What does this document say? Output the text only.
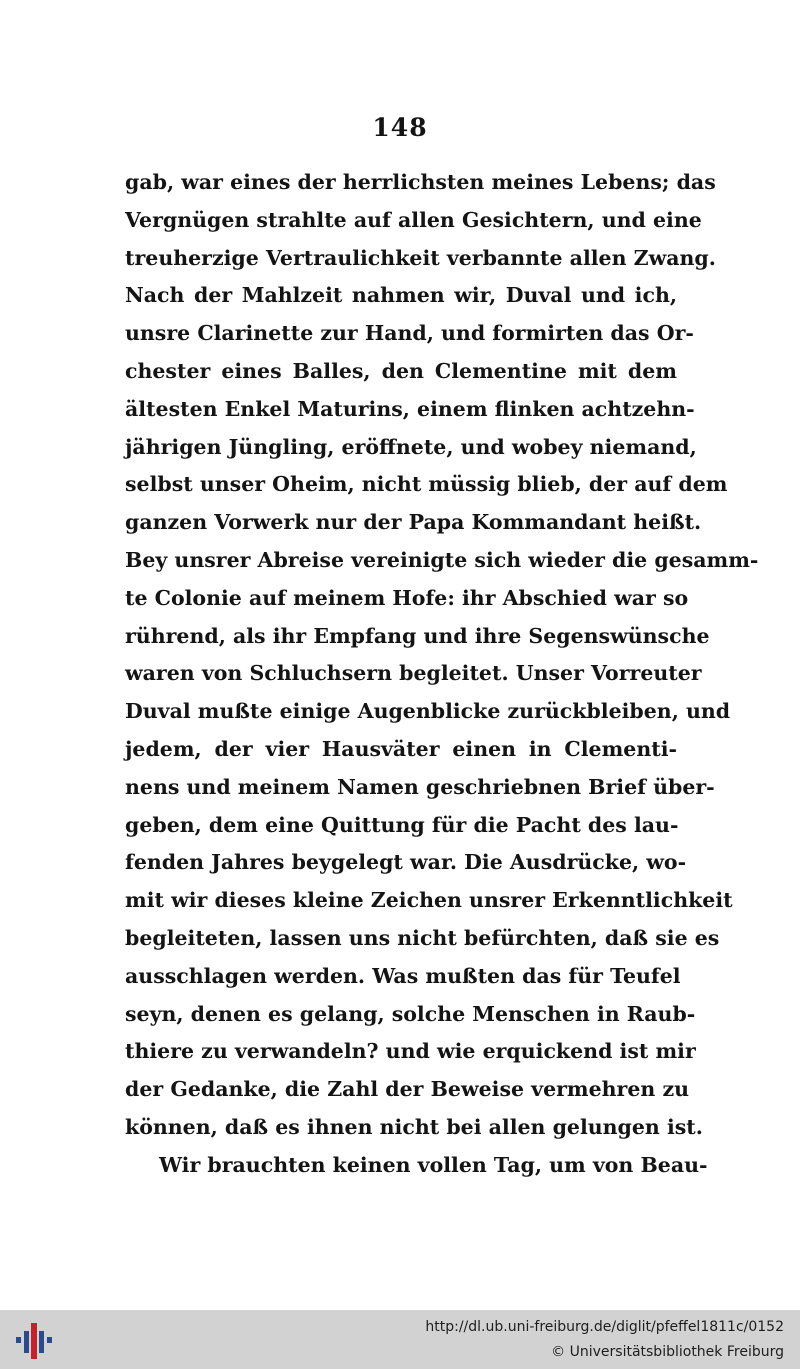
148
gab, war eines der herrlichsten meines Lebens; das
Vergnügen strahlte auf allen Gesichtern, und eine
treuherzige Vertraulichkeit verbannte allen Zwang.
Nach der Mahlzeit nahmen wir, Duval und ich,
unsre Clarinette zur Hand, und formirten das Or-
chester eines Balles, den Clementine mit dem
ältesten Enkel Maturins, einem flinken achtzehn-
jährigen Jüngling, eröffnete, und wobey niemand,
selbst unser Oheim, nicht müssig blieb, der auf dem
ganzen Vorwerk nur der Papa Kommandant heißt.
Bey unsrer Abreise vereinigte sich wieder die gesamm-
te Colonie auf meinem Hofe: ihr Abschied war so
rührend, als ihr Empfang und ihre Segenswünsche
waren von Schluchsern begleitet. Unser Vorreuter
Duval mußte einige Augenblicke zurückbleiben, und
jedem, der vier Hausväter einen in Clementi-
nens und meinem Namen geschriebnen Brief über-
geben, dem eine Quittung für die Pacht des lau-
fenden Jahres beygelegt war. Die Ausdrücke, wo-
mit wir dieses kleine Zeichen unsrer Erkenntlichkeit
begleiteten, lassen uns nicht befürchten, daß sie es
ausschlagen werden. Was mußten das für Teufel
seyn, denen es gelang, solche Menschen in Raub-
thiere zu verwandeln? und wie erquickend ist mir
der Gedanke, die Zahl der Beweise vermehren zu
können, daß es ihnen nicht bei allen gelungen ist.
Wir brauchten keinen vollen Tag, um von Beau-
http://dl.ub.uni-freiburg.de/diglit/pfeffel1811c/0152
© Universitätsbibliothek Freiburg
